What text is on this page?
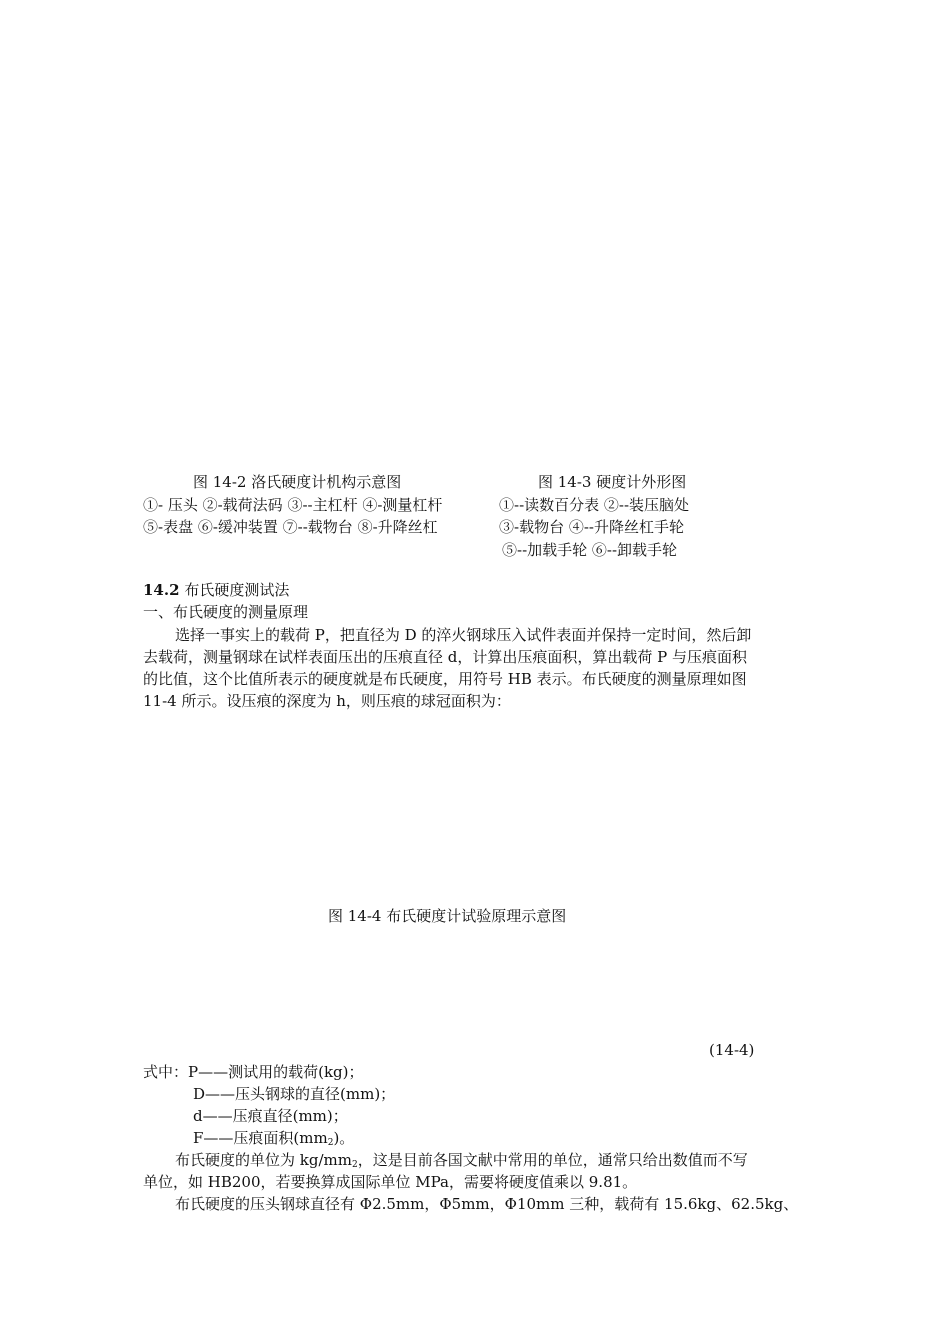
图 14-2 洛氏硬度计机构示意图	图 14-3 硬度计外形图
①- 压头 ②-载荷法码 ③--主杠杆 ④-测量杠杆	①--读数百分表 ②--装压脑处
⑤-表盘 ⑥-缓冲装置 ⑦--载物台 ⑧-升降丝杠	③-载物台 ④--升降丝杠手轮
⑤--加载手轮 ⑥--卸载手轮
14.2 布氏硬度测试法
一、布氏硬度的测量原理
选择一事实上的载荷 P，把直径为 D 的淬火钢球压入试件表面并保持一定时间，然后卸
去载荷，测量钢球在试样表面压出的压痕直径 d，计算出压痕面积，算出载荷 P 与压痕面积
的比值，这个比值所表示的硬度就是布氏硬度，用符号 HB 表示。布氏硬度的测量原理如图
11-4 所示。设压痕的深度为 h，则压痕的球冠面积为：
图 14-4 布氏硬度计试验原理示意图
(14-4)
式中：P——测试用的载荷(kg)；
D——压头钢球的直径(mm)；
d——压痕直径(mm)；
F——压痕面积$(mm_2)$。
布氏硬度的单位为 $kg/mm_2$，这是目前各国文献中常用的单位，通常只给出数值而不写
单位，如 HB200，若要换算成国际单位 MPa，需要将硬度值乘以 9.81。
布氏硬度的压头钢球直径有 Φ2.5mm，Φ5mm，Φ10mm 三种，载荷有 15.6kg、62.5kg、
